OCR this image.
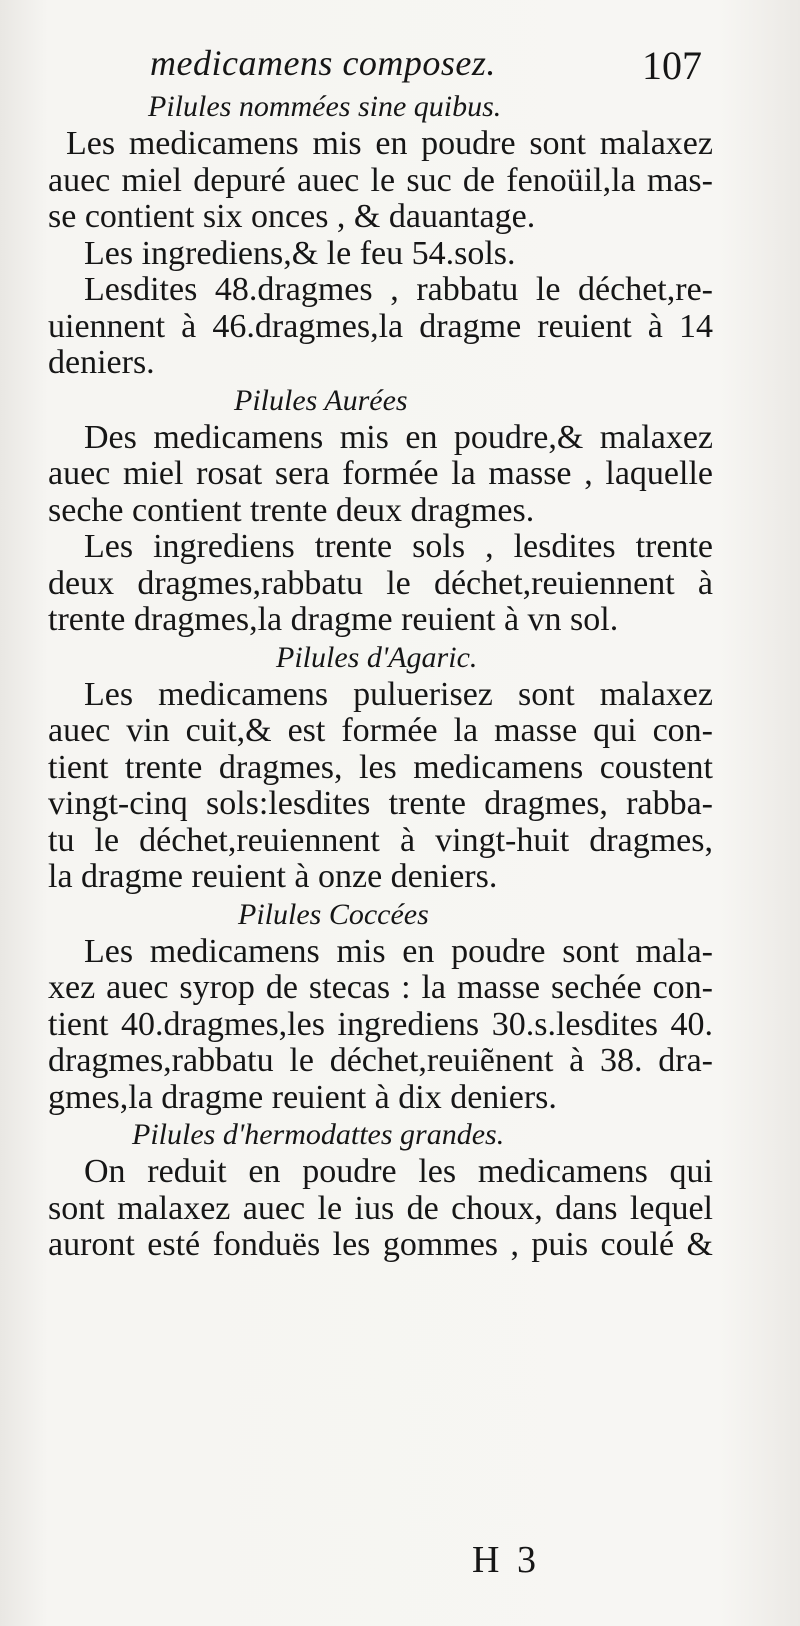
medicamens composez.	107
Pilules nommées sine quibus.
Les medicamens mis en poudre sont malaxez
auec miel depuré auec le suc de fenoüil,la mas-
se contient six onces , & dauantage.
Les ingrediens,& le feu 54.sols.
Lesdites 48.dragmes , rabbatu le déchet,re-
uiennent à 46.dragmes,la dragme reuient à 14
deniers.
Pilules Aurées
Des medicamens mis en poudre,& malaxez
auec miel rosat sera formée la masse , laquelle
seche contient trente deux dragmes.
Les ingrediens trente sols , lesdites trente
deux dragmes,rabbatu le déchet,reuiennent à
trente dragmes,la dragme reuient à vn sol.
Pilules d'Agaric.
Les medicamens puluerisez sont malaxez
auec vin cuit,& est formée la masse qui con-
tient trente dragmes, les medicamens coustent
vingt-cinq sols:lesdites trente dragmes, rabba-
tu le déchet,reuiennent à vingt-huit dragmes,
la dragme reuient à onze deniers.
Pilules Coccées
Les medicamens mis en poudre sont mala-
xez auec syrop de stecas : la masse sechée con-
tient 40.dragmes,les ingrediens 30.s.lesdites 40.
dragmes,rabbatu le déchet,reuiẽnent à 38. dra-
gmes,la dragme reuient à dix deniers.
Pilules d'hermodattes grandes.
On reduit en poudre les medicamens qui
sont malaxez auec le ius de choux, dans lequel
auront esté fonduës les gommes , puis coulé &
H 3
